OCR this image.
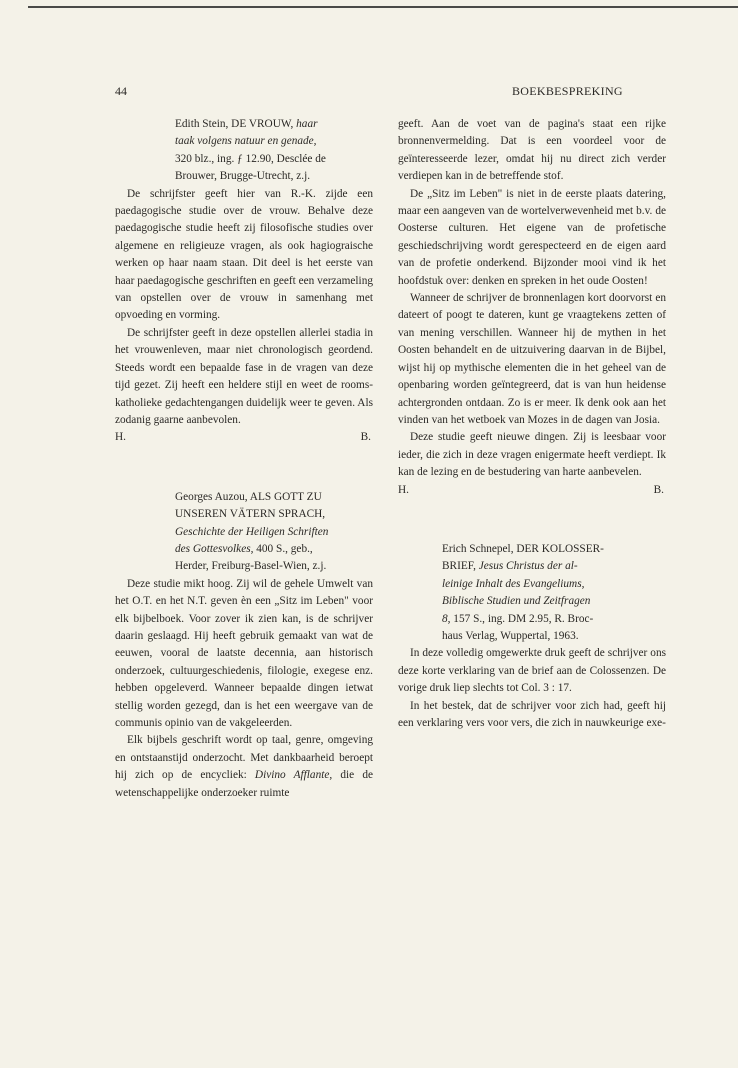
44	BOEKBESPREKING
Edith Stein, DE VROUW, haar
taak volgens natuur en genade,
320 blz., ing. ƒ 12.90, Desclée de
Brouwer, Brugge-Utrecht, z.j.

De schrijfster geeft hier van R.-K. zijde een paedagogische studie over de vrouw. Behalve deze paedagogische studie heeft zij filosofische studies over algemene en religieuze vragen, als ook hagiograische werken op haar naam staan. Dit deel is het eerste van haar paedagogische geschriften en geeft een verzameling van opstellen over de vrouw in samenhang met opvoeding en vorming.

De schrijfster geeft in deze opstellen allerlei stadia in het vrouwenleven, maar niet chronologisch geordend. Steeds wordt een bepaalde fase in de vragen van deze tijd gezet. Zij heeft een heldere stijl en weet de rooms-katholieke gedachtengangen duidelijk weer te geven. Als zodanig gaarne aanbevolen.

H.	B.
Georges Auzou, ALS GOTT ZU
UNSEREN VÄTERN SPRACH,
Geschichte der Heiligen Schriften
des Gottesvolkes, 400 S., geb.,
Herder, Freiburg-Basel-Wien, z.j.

Deze studie mikt hoog. Zij wil de gehele Umwelt van het O.T. en het N.T. geven èn een „Sitz im Leben" voor elk bijbelboek. Voor zover ik zien kan, is de schrijver daarin geslaagd. Hij heeft gebruik gemaakt van wat de eeuwen, vooral de laatste decennia, aan historisch onderzoek, cultuurgeschiedenis, filologie, exegese enz. hebben opgeleverd. Wanneer bepaalde dingen ietwat stellig worden gezegd, dan is het een weergave van de communis opinio van de vakgeleerden.

Elk bijbels geschrift wordt op taal, genre, omgeving en ontstaanstijd onderzocht. Met dankbaarheid beroept hij zich op de encycliek: Divino Afflante, die de wetenschappelijke onderzoeker ruimte

geeft. Aan de voet van de pagina's staat een rijke bronnenvermelding. Dat is een voordeel voor de geïnteresseerde lezer, omdat hij nu direct zich verder verdiepen kan in de betreffende stof.

De „Sitz im Leben" is niet in de eerste plaats datering, maar een aangeven van de wortelverwevenheid met b.v. de Oosterse culturen. Het eigene van de profetische geschiedschrijving wordt gerespecteerd en de eigen aard van de profetie onderkend. Bijzonder mooi vind ik het hoofdstuk over: denken en spreken in het oude Oosten!

Wanneer de schrijver de bronnenlagen kort doorvorst en dateert of poogt te dateren, kunt ge vraagtekens zetten of van mening verschillen. Wanneer hij de mythen in het Oosten behandelt en de uitzuivering daarvan in de Bijbel, wijst hij op mythische elementen die in het geheel van de openbaring worden geïntegreerd, dat is van hun heidense achtergronden ontdaan. Zo is er meer. Ik denk ook aan het vinden van het wetboek van Mozes in de dagen van Josia.

Deze studie geeft nieuwe dingen. Zij is leesbaar voor ieder, die zich in deze vragen enigermate heeft verdiept. Ik kan de lezing en de bestudering van harte aanbevelen.

H.	B.
Erich Schnepel, DER KOLOSSER-
BRIEF, Jesus Christus der al-
leinige Inhalt des Evangeliums,
Biblische Studien und Zeitfragen
8, 157 S., ing. DM 2.95, R. Broc-
haus Verlag, Wuppertal, 1963.

In deze volledig omgewerkte druk geeft de schrijver ons deze korte verklaring van de brief aan de Colossenzen. De vorige druk liep slechts tot Col. 3 : 17.

In het bestek, dat de schrijver voor zich had, geeft hij een verklaring vers voor vers, die zich in nauwkeurige exe-
